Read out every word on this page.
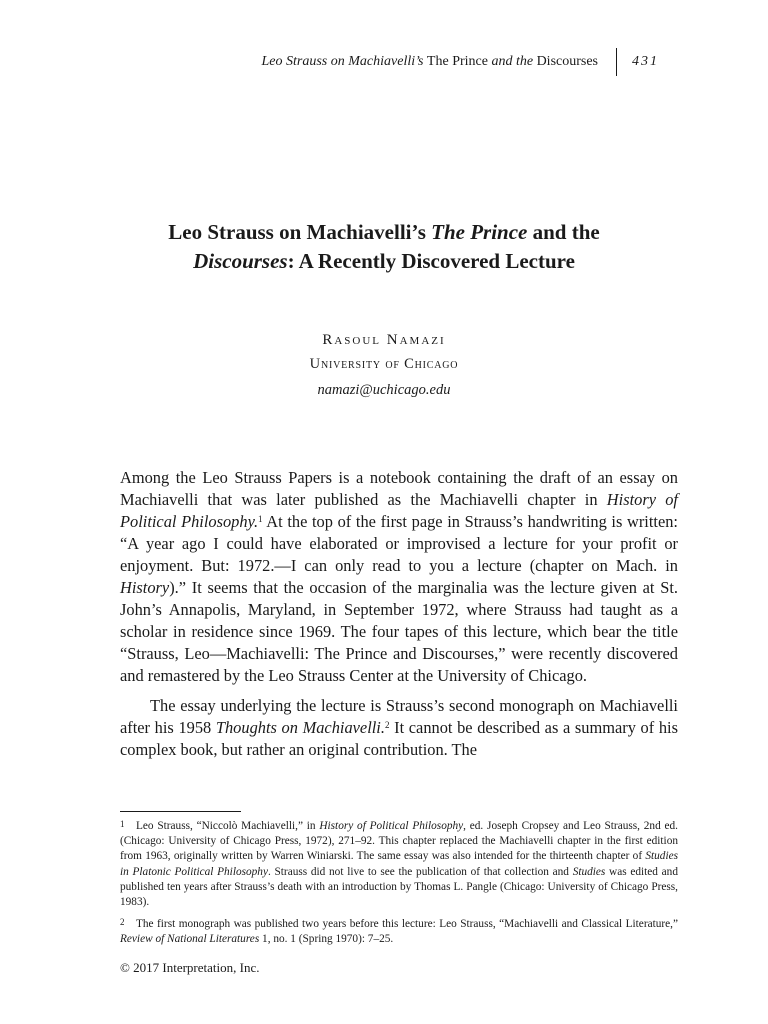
Leo Strauss on Machiavelli’s The Prince and the Discourses 431
Leo Strauss on Machiavelli’s The Prince and the
Discourses: A Recently Discovered Lecture
Rasoul Namazi
University of Chicago
namazi@uchicago.edu

Among the Leo Strauss Papers is a notebook containing the draft of an essay on Machiavelli that was later published as the Machiavelli chapter in History of Political Philosophy.$^1$ At the top of the first page in Strauss’s handwriting is written: “A year ago I could have elaborated or improvised a lecture for your profit or enjoyment. But: 1972.—I can only read to you a lecture (chapter on Mach. in History).” It seems that the occasion of the marginalia was the lecture given at St. John’s Annapolis, Maryland, in September 1972, where Strauss had taught as a scholar in residence since 1969. The four tapes of this lecture, which bear the title “Strauss, Leo—Machiavelli: The Prince and Discourses,” were recently discovered and remastered by the Leo Strauss Center at the University of Chicago.

The essay underlying the lecture is Strauss’s second monograph on Machiavelli after his 1958 Thoughts on Machiavelli.$^2$ It cannot be described as a summary of his complex book, but rather an original contribution. The

1 Leo Strauss, “Niccolò Machiavelli,” in History of Political Philosophy, ed. Joseph Cropsey and Leo Strauss, 2nd ed. (Chicago: University of Chicago Press, 1972), 271–92. This chapter replaced the Machiavelli chapter in the first edition from 1963, originally written by Warren Winiarski. The same essay was also intended for the thirteenth chapter of Studies in Platonic Political Philosophy. Strauss did not live to see the publication of that collection and Studies was edited and published ten years after Strauss’s death with an introduction by Thomas L. Pangle (Chicago: University of Chicago Press, 1983).
2 The first monograph was published two years before this lecture: Leo Strauss, “Machiavelli and Classical Literature,” Review of National Literatures 1, no. 1 (Spring 1970): 7–25.
© 2017 Interpretation, Inc.
